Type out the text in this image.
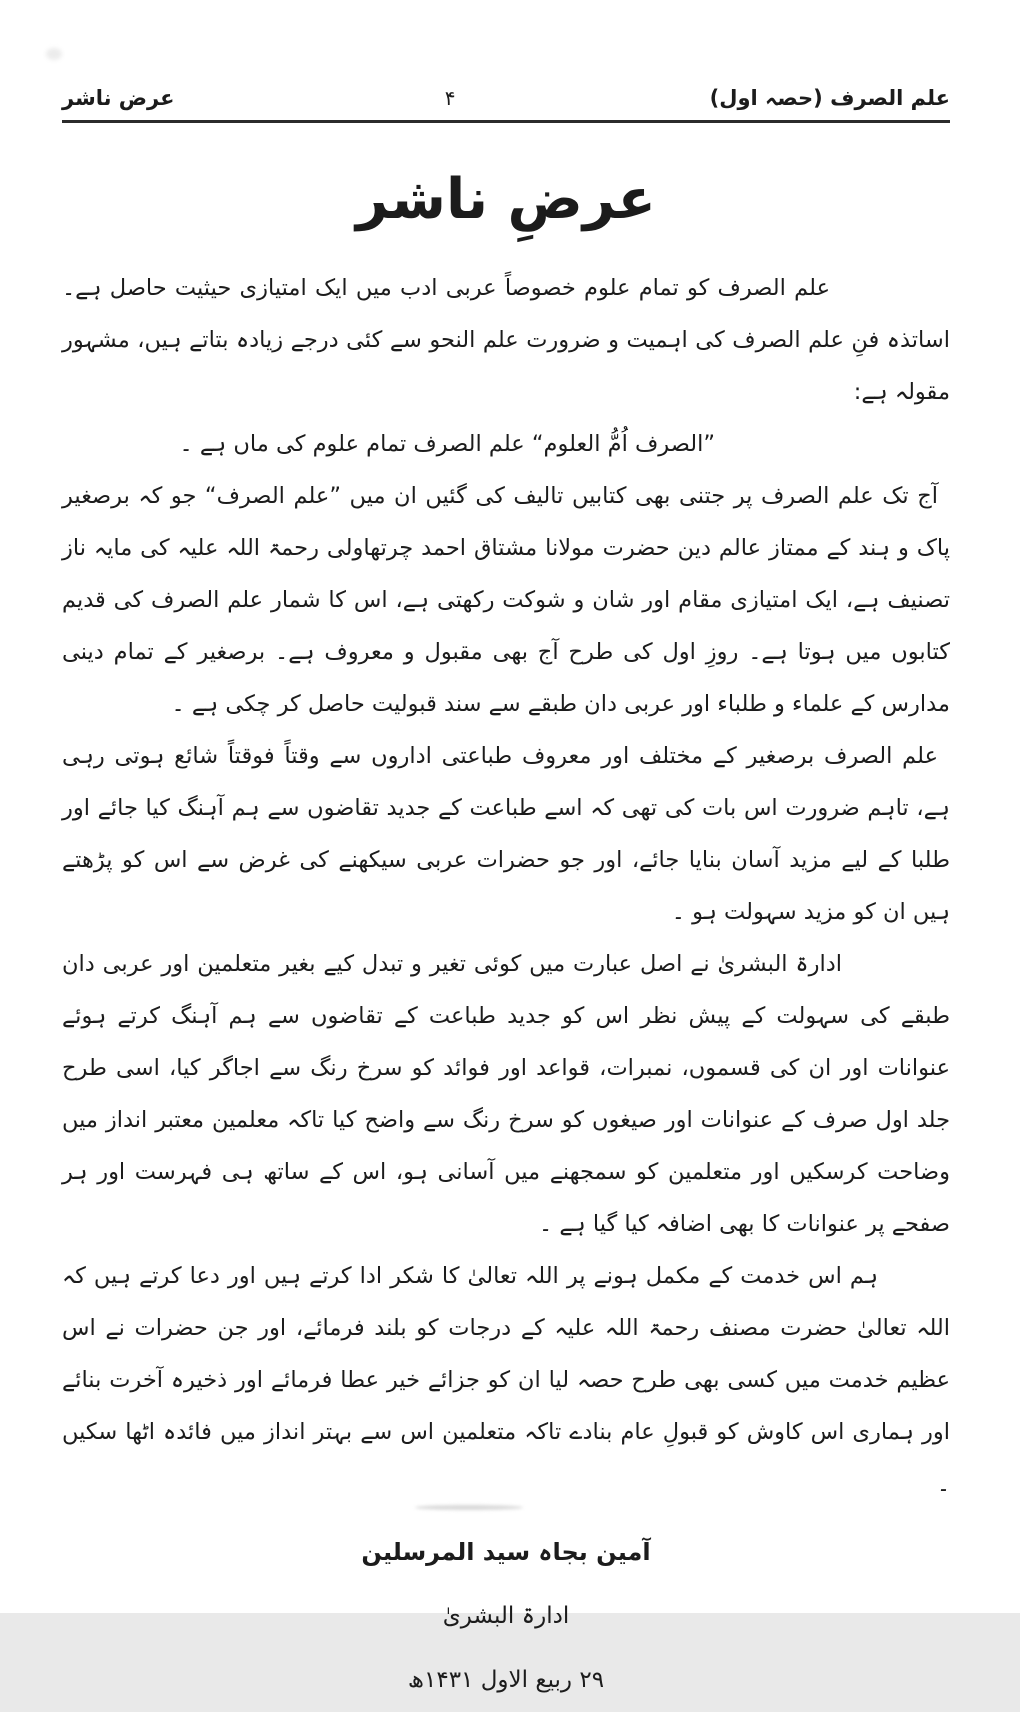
علم الصرف (حصہ اول)
۴
عرض ناشر
عرضِ ناشر

علم الصرف کو تمام علوم خصوصاً عربی ادب میں ایک امتیازی حیثیت حاصل ہے۔ اساتذہ فنِ علم الصرف کی اہمیت و ضرورت علم النحو سے کئی درجے زیادہ بتاتے ہیں، مشہور مقولہ ہے:

”الصرف اُمُّ العلوم“ علم الصرف تمام علوم کی ماں ہے ۔

آج تک علم الصرف پر جتنی بھی کتابیں تالیف کی گئیں ان میں ”علم الصرف“ جو کہ برصغیر پاک و ہند کے ممتاز عالم دین حضرت مولانا مشتاق احمد چرتھاولی رحمۃ اللہ علیہ کی مایہ ناز تصنیف ہے، ایک امتیازی مقام اور شان و شوکت رکھتی ہے، اس کا شمار علم الصرف کی قدیم کتابوں میں ہوتا ہے۔ روزِ اول کی طرح آج بھی مقبول و معروف ہے۔ برصغیر کے تمام دینی مدارس کے علماء و طلباء اور عربی دان طبقے سے سند قبولیت حاصل کر چکی ہے ۔

علم الصرف برصغیر کے مختلف اور معروف طباعتی اداروں سے وقتاً فوقتاً شائع ہوتی رہی ہے، تاہم ضرورت اس بات کی تھی کہ اسے طباعت کے جدید تقاضوں سے ہم آہنگ کیا جائے اور طلبا کے لیے مزید آسان بنایا جائے، اور جو حضرات عربی سیکھنے کی غرض سے اس کو پڑھتے ہیں ان کو مزید سہولت ہو ۔

ادارۃ البشریٰ نے اصل عبارت میں کوئی تغیر و تبدل کیے بغیر متعلمین اور عربی دان طبقے کی سہولت کے پیش نظر اس کو جدید طباعت کے تقاضوں سے ہم آہنگ کرتے ہوئے عنوانات اور ان کی قسموں، نمبرات، قواعد اور فوائد کو سرخ رنگ سے اجاگر کیا، اسی طرح جلد اول صرف کے عنوانات اور صیغوں کو سرخ رنگ سے واضح کیا تاکہ معلمین معتبر انداز میں وضاحت کرسکیں اور متعلمین کو سمجھنے میں آسانی ہو، اس کے ساتھ ہی فہرست اور ہر صفحے پر عنوانات کا بھی اضافہ کیا گیا ہے ۔

ہم اس خدمت کے مکمل ہونے پر اللہ تعالیٰ کا شکر ادا کرتے ہیں اور دعا کرتے ہیں کہ اللہ تعالیٰ حضرت مصنف رحمۃ اللہ علیہ کے درجات کو بلند فرمائے، اور جن حضرات نے اس عظیم خدمت میں کسی بھی طرح حصہ لیا ان کو جزائے خیر عطا فرمائے اور ذخیرہ آخرت بنائے اور ہماری اس کاوش کو قبولِ عام بنادے تاکہ متعلمین اس سے بہتر انداز میں فائدہ اٹھا سکیں ۔

آمین بجاہ سید المرسلین

ادارۃ البشریٰ

۲۹ ربیع الاول ۱۴۳۱ھ
